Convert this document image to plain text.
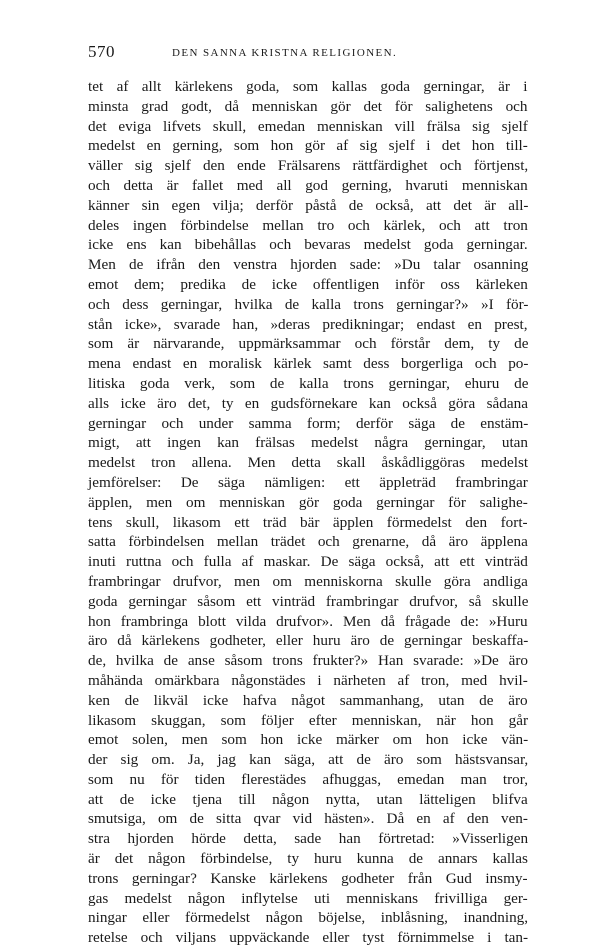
570	DEN SANNA KRISTNA RELIGIONEN.
tet af allt kärlekens goda, som kallas goda gerningar, är i
minsta grad godt, då menniskan gör det för salighetens och
det eviga lifvets skull, emedan menniskan vill frälsa sig sjelf
medelst en gerning, som hon gör af sig sjelf i det hon till-
väller sig sjelf den ende Frälsarens rättfärdighet och förtjenst,
och detta är fallet med all god gerning, hvaruti menniskan
känner sin egen vilja; derför påstå de också, att det är all-
deles ingen förbindelse mellan tro och kärlek, och att tron
icke ens kan bibehållas och bevaras medelst goda gerningar.
Men de ifrån den venstra hjorden sade: »Du talar osanning
emot dem; predika de icke offentligen inför oss kärleken
och dess gerningar, hvilka de kalla trons gerningar?» »I för-
stån icke», svarade han, »deras predikningar; endast en prest,
som är närvarande, uppmärksammar och förstår dem, ty de
mena endast en moralisk kärlek samt dess borgerliga och po-
litiska goda verk, som de kalla trons gerningar, ehuru de
alls icke äro det, ty en gudsförnekare kan också göra sådana
gerningar och under samma form; derför säga de enstäm-
migt, att ingen kan frälsas medelst några gerningar, utan
medelst tron allena. Men detta skall åskådliggöras medelst
jemförelser: De säga nämligen: ett äppleträd frambringar
äpplen, men om menniskan gör goda gerningar för salighe-
tens skull, likasom ett träd bär äpplen förmedelst den fort-
satta förbindelsen mellan trädet och grenarne, då äro äpplena
inuti ruttna och fulla af maskar. De säga också, att ett vinträd
frambringar drufvor, men om menniskorna skulle göra andliga
goda gerningar såsom ett vinträd frambringar drufvor, så skulle
hon frambringa blott vilda drufvor». Men då frågade de: »Huru
äro då kärlekens godheter, eller huru äro de gerningar beskaffa-
de, hvilka de anse såsom trons frukter?» Han svarade: »De äro
måhända omärkbara någonstädes i närheten af tron, med hvil-
ken de likväl icke hafva något sammanhang, utan de äro
likasom skuggan, som följer efter menniskan, när hon går
emot solen, men som hon icke märker om hon icke vän-
der sig om. Ja, jag kan säga, att de äro som hästsvansar,
som nu för tiden flerestädes afhuggas, emedan man tror,
att de icke tjena till någon nytta, utan lätteligen blifva
smutsiga, om de sitta qvar vid hästen». Då en af den ven-
stra hjorden hörde detta, sade han förtretad: »Visserligen
är det någon förbindelse, ty huru kunna de annars kallas
trons gerningar? Kanske kärlekens godheter från Gud insmy-
gas medelst någon inflytelse uti menniskans frivilliga ger-
ningar eller förmedelst någon böjelse, inblåsning, inandning,
retelse och viljans uppväckande eller tyst förnimmelse i tan-
